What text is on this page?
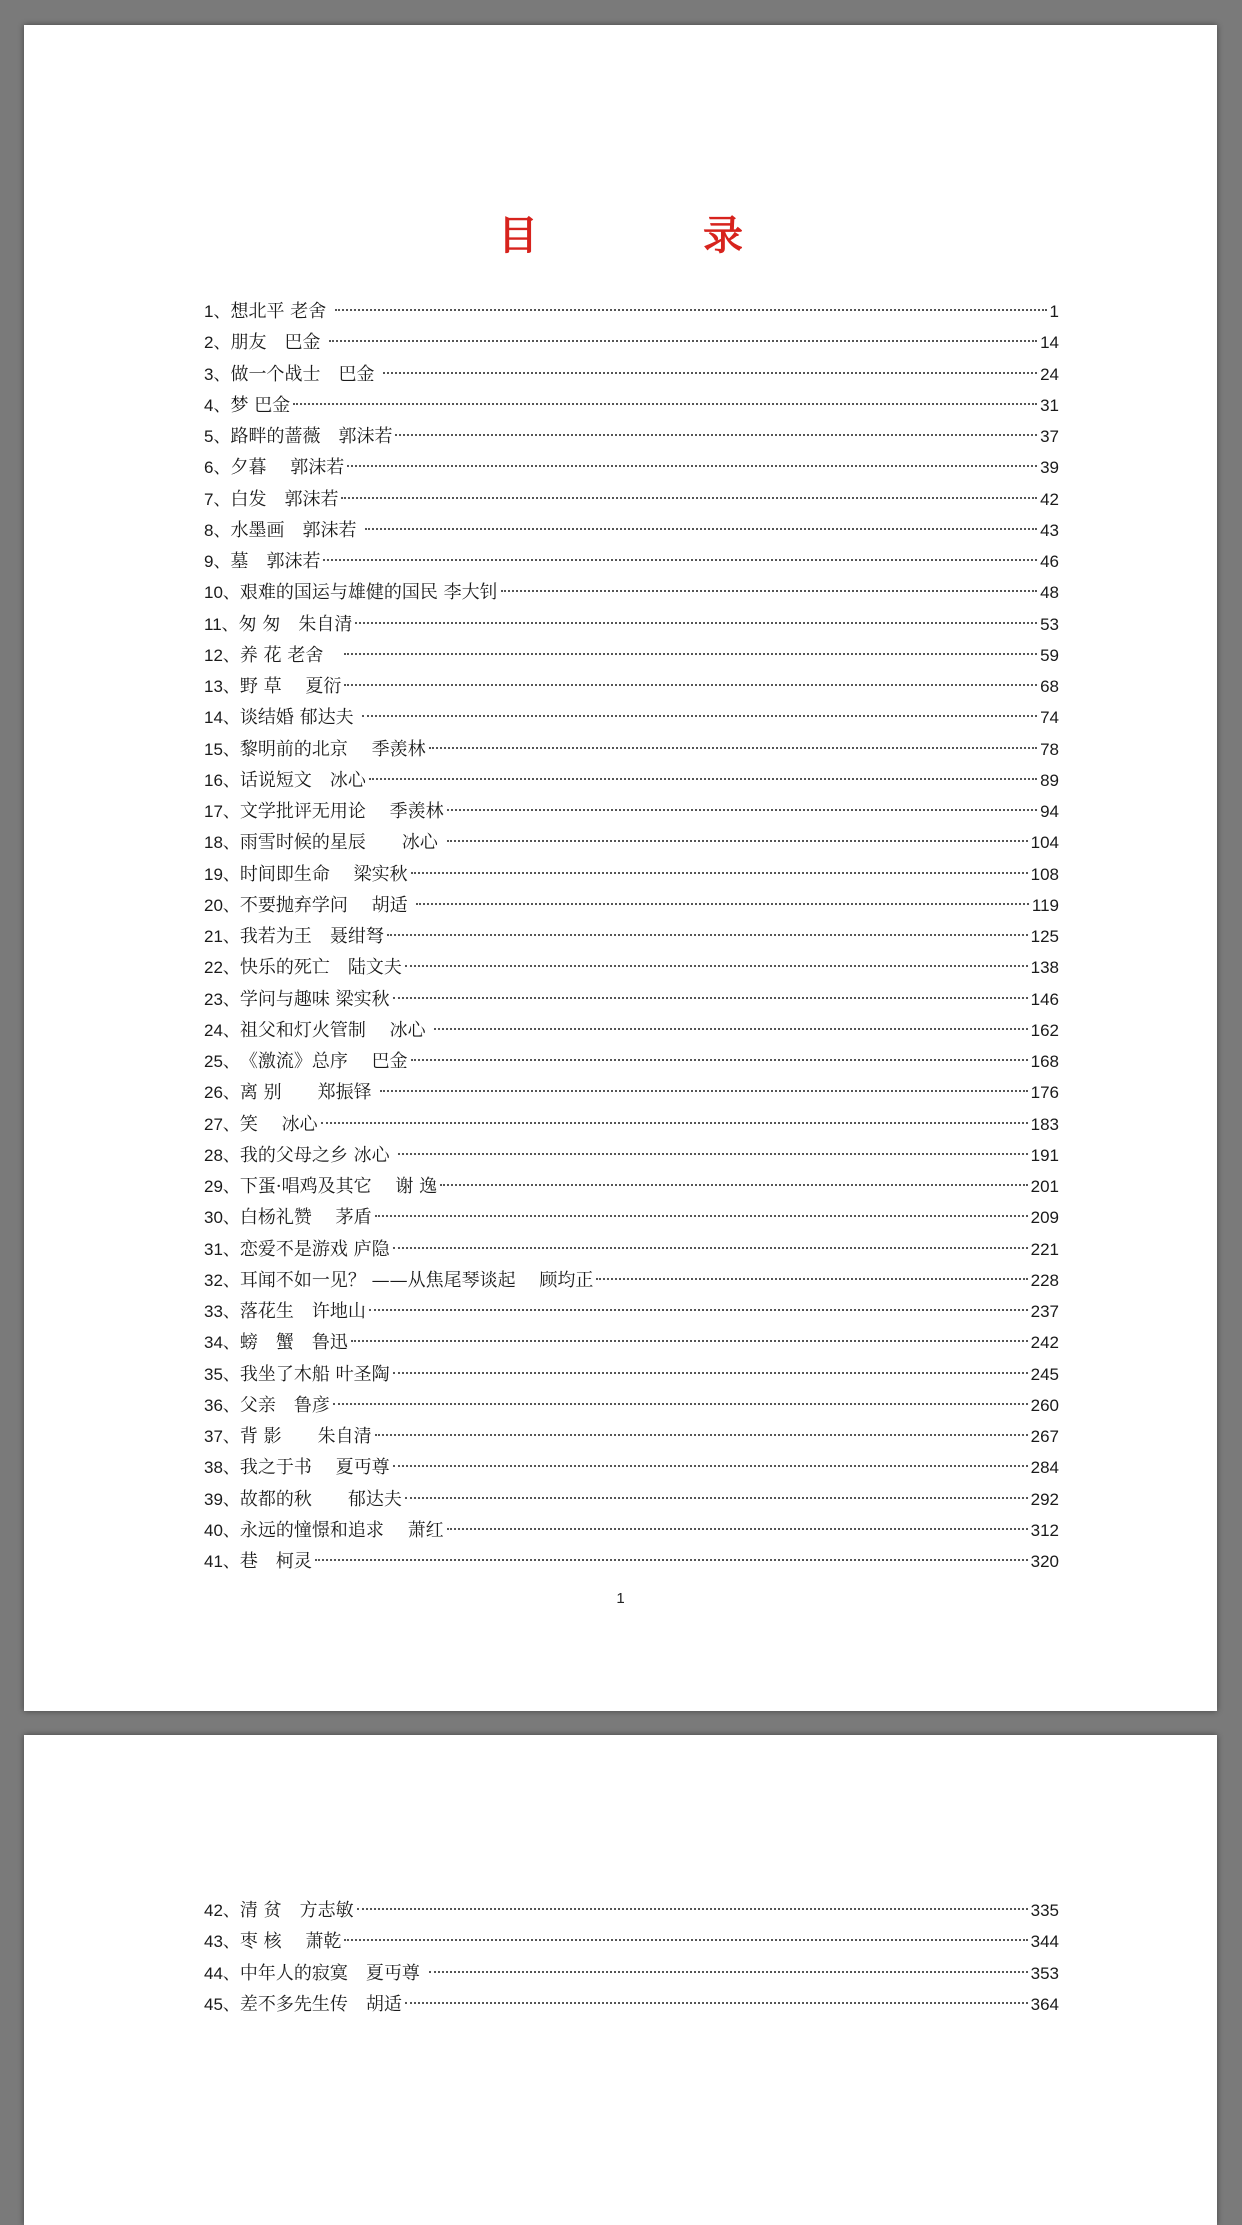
目录
1、 想北平 老舍	1
2、 朋友　巴金	14
3、 做一个战士　巴金	24
4、 梦 巴金	31
5、 路畔的蔷薇　郭沫若	37
6、 夕暮　 郭沫若	39
7、 白发　郭沫若	42
8、 水墨画　郭沫若	43
9、 墓　郭沫若	46
10、 艰难的国运与雄健的国民 李大钊	48
11、 匆 匆　朱自清	53
12、 养 花 老舍　	59
13、 野 草　 夏衍	68
14、 谈结婚 郁达夫	74
15、 黎明前的北京　 季羡林	78
16、 话说短文　冰心	89
17、 文学批评无用论　 季羡林	94
18、 雨雪时候的星辰　　冰心	104
19、 时间即生命　 梁实秋	108
20、 不要抛弃学问　 胡适	119
21、 我若为王　聂绀弩	125
22、 快乐的死亡　陆文夫	138
23、 学问与趣味 梁实秋	146
24、 祖父和灯火管制　 冰心	162
25、 《激流》总序　 巴金	168
26、 离 别　　郑振铎	176
27、 笑　 冰心	183
28、 我的父母之乡 冰心	191
29、 下蛋·唱鸡及其它　 谢 逸	201
30、 白杨礼赞　 茅盾	209
31、 恋爱不是游戏 庐隐	221
32、 耳闻不如一见？ ——从焦尾琴谈起　 顾均正	228
33、 落花生　许地山	237
34、 螃　蟹　鲁迅	242
35、 我坐了木船 叶圣陶	245
36、 父亲　鲁彦	260
37、 背 影　　朱自清	267
38、 我之于书　 夏丏尊	284
39、 故都的秋　　郁达夫	292
40、 永远的憧憬和追求　 萧红	312
41、 巷　柯灵	320
1
42、 清 贫　方志敏	335
43、 枣 核　 萧乾	344
44、 中年人的寂寞　夏丏尊	353
45、 差不多先生传　胡适	364
